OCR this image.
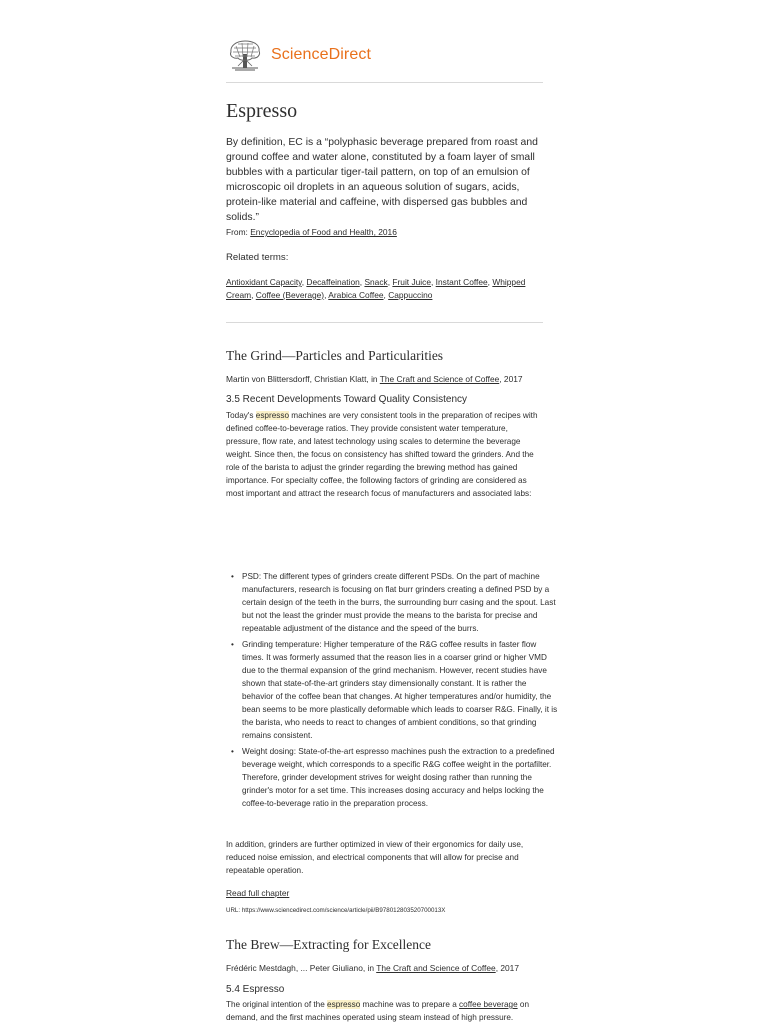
ScienceDirect
Espresso

By definition, EC is a “polyphasic beverage prepared from roast and ground coffee and water alone, constituted by a foam layer of small bubbles with a particular tiger-tail pattern, on top of an emulsion of microscopic oil droplets in an aqueous solution of sugars, acids, protein-like material and caffeine, with dispersed gas bubbles and solids.”

From: Encyclopedia of Food and Health, 2016
Related terms:
Antioxidant Capacity, Decaffeination, Snack, Fruit Juice, Instant Coffee, Whipped Cream, Coffee (Beverage), Arabica Coffee, Cappuccino
The Grind—Particles and Particularities
Martin von Blittersdorff, Christian Klatt, in The Craft and Science of Coffee, 2017
3.5 Recent Developments Toward Quality Consistency

Today's espresso machines are very consistent tools in the preparation of recipes with defined coffee-to-beverage ratios. They provide consistent water temperature, pressure, flow rate, and latest technology using scales to determine the beverage weight. Since then, the focus on consistency has shifted toward the grinders. And the role of the barista to adjust the grinder regarding the brewing method has gained importance. For specialty coffee, the following factors of grinding are considered as most important and attract the research focus of manufacturers and associated labs:

• PSD: The different types of grinders create different PSDs. On the part of machine manufacturers, research is focusing on flat burr grinders creating a defined PSD by a certain design of the teeth in the burrs, the surrounding burr casing and the spout. Last but not the least the grinder must provide the means to the barista for precise and repeatable adjustment of the distance and the speed of the burrs.
• Grinding temperature: Higher temperature of the R&G coffee results in faster flow times. It was formerly assumed that the reason lies in a coarser grind or higher VMD due to the thermal expansion of the grind mechanism. However, recent studies have shown that state-of-the-art grinders stay dimensionally constant. It is rather the behavior of the coffee bean that changes. At higher temperatures and/or humidity, the bean seems to be more plastically deformable which leads to coarser R&G. Finally, it is the barista, who needs to react to changes of ambient conditions, so that grinding remains consistent.
• Weight dosing: State-of-the-art espresso machines push the extraction to a predefined beverage weight, which corresponds to a specific R&G coffee weight in the portafilter. Therefore, grinder development strives for weight dosing rather than running the grinder's motor for a set time. This increases dosing accuracy and helps locking the coffee-to-beverage ratio in the preparation process.

In addition, grinders are further optimized in view of their ergonomics for daily use, reduced noise emission, and electrical components that will allow for precise and repeatable operation.

Read full chapter
URL: https://www.sciencedirect.com/science/article/pii/B978012803520700013X
The Brew—Extracting for Excellence
Frédéric Mestdagh, ... Peter Giuliano, in The Craft and Science of Coffee, 2017
5.4 Espresso

The original intention of the espresso machine was to prepare a coffee beverage on demand, and the first machines operated using steam instead of high pressure.
